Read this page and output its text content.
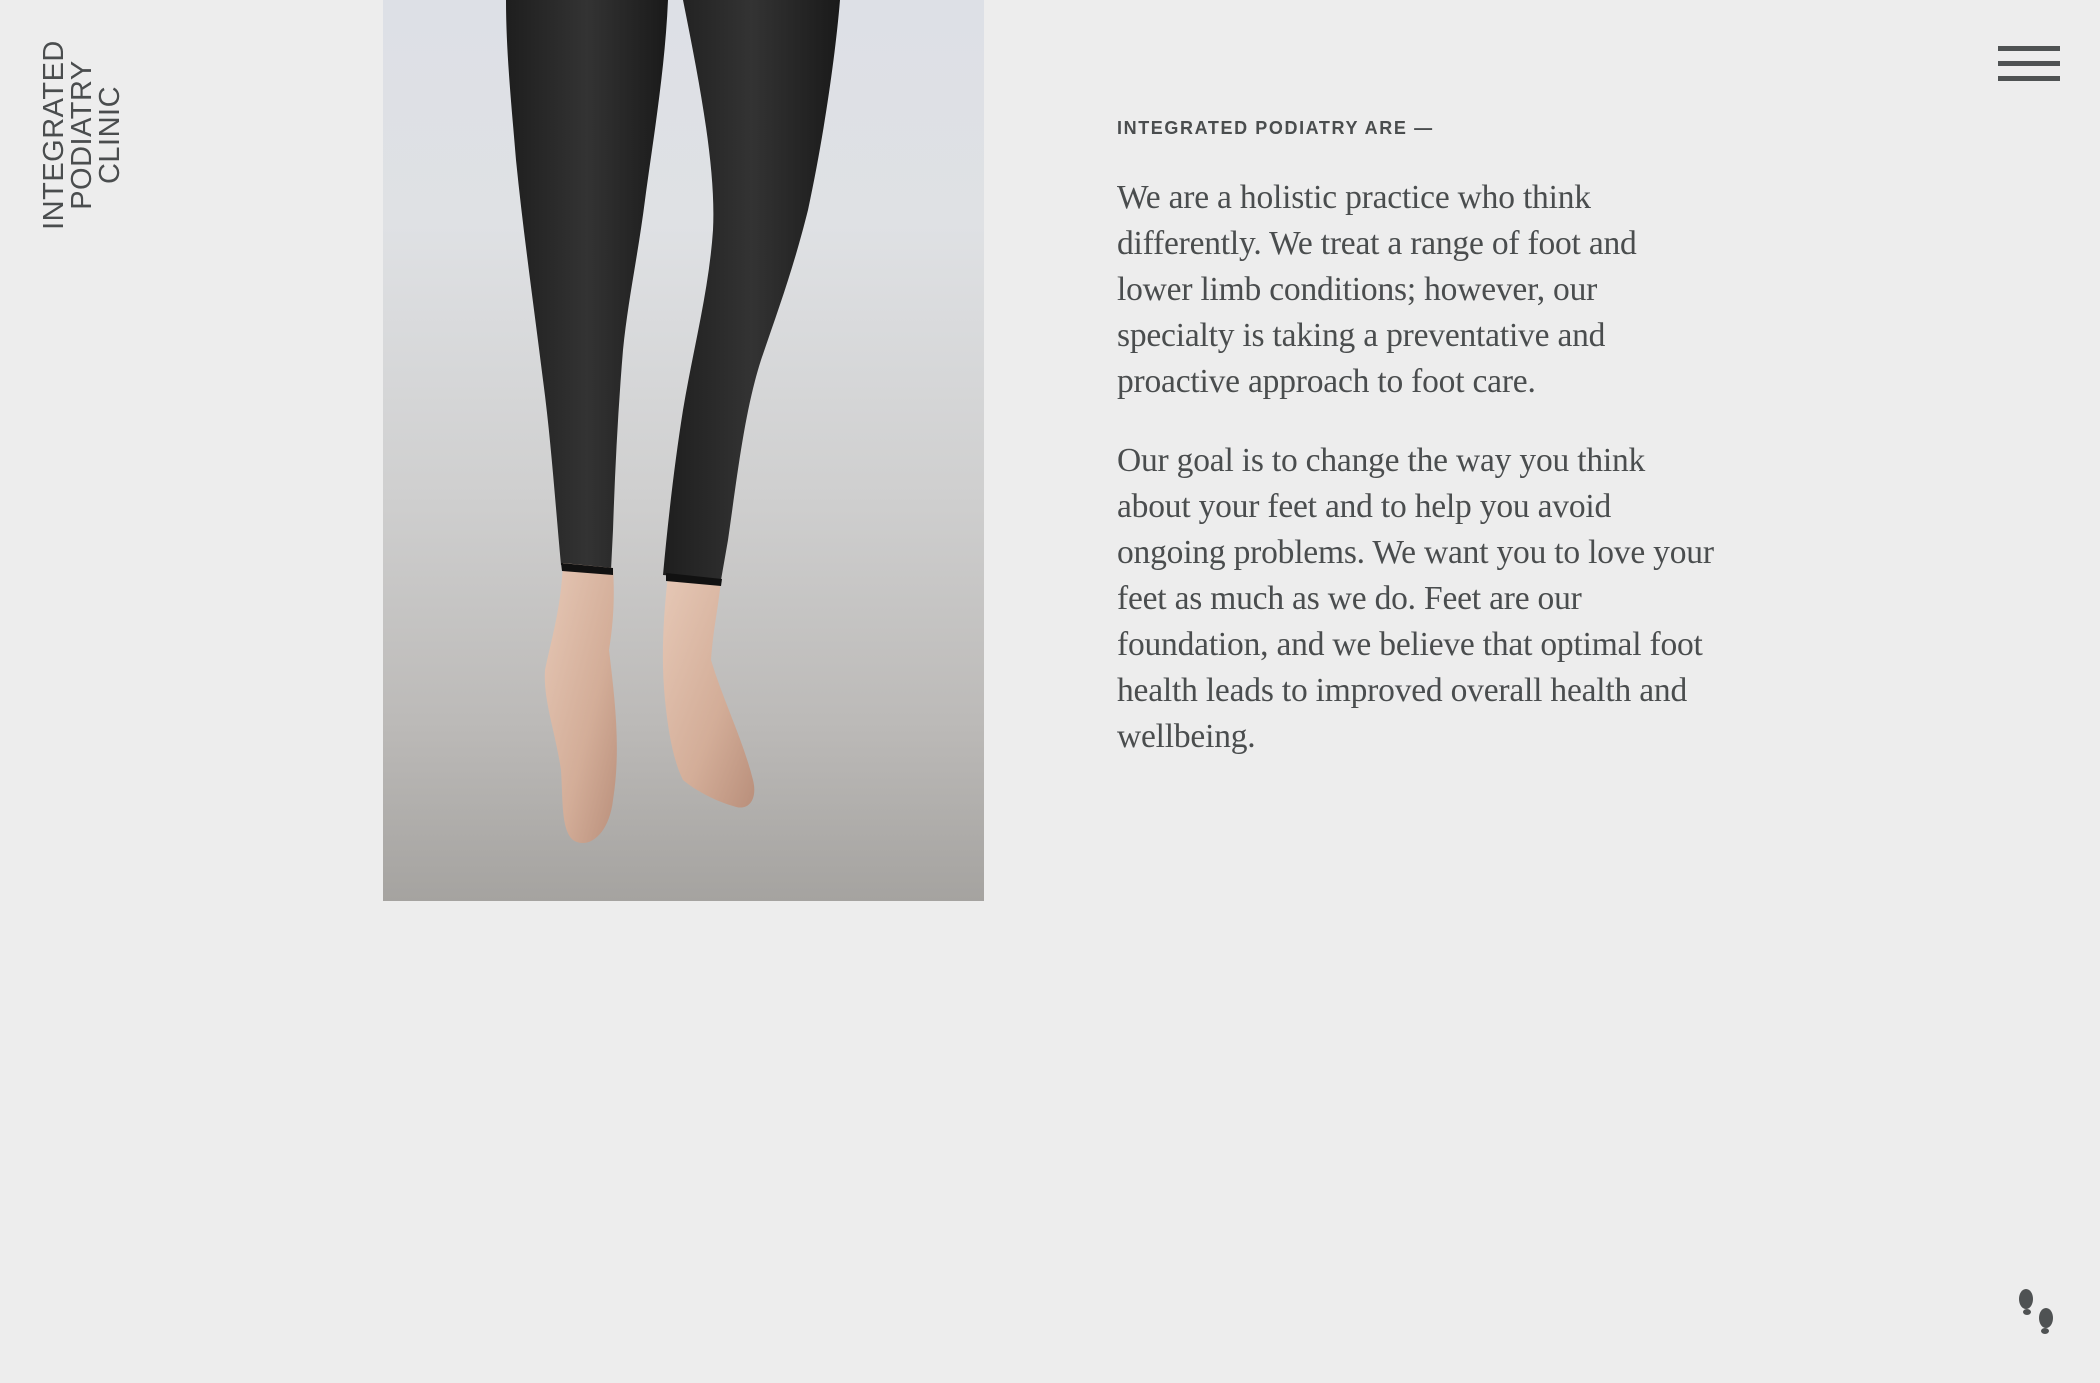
INTEGRATED
PODIATRY
CLINIC	INTEGRATED PODIATRY ARE —

We are a holistic practice who think differently. We treat a range of foot and lower limb conditions; however, our specialty is taking a preventative and proactive approach to foot care.

Our goal is to change the way you think about your feet and to help you avoid ongoing problems. We want you to love your feet as much as we do. Feet are our foundation, and we believe that optimal foot health leads to improved overall health and wellbeing.
